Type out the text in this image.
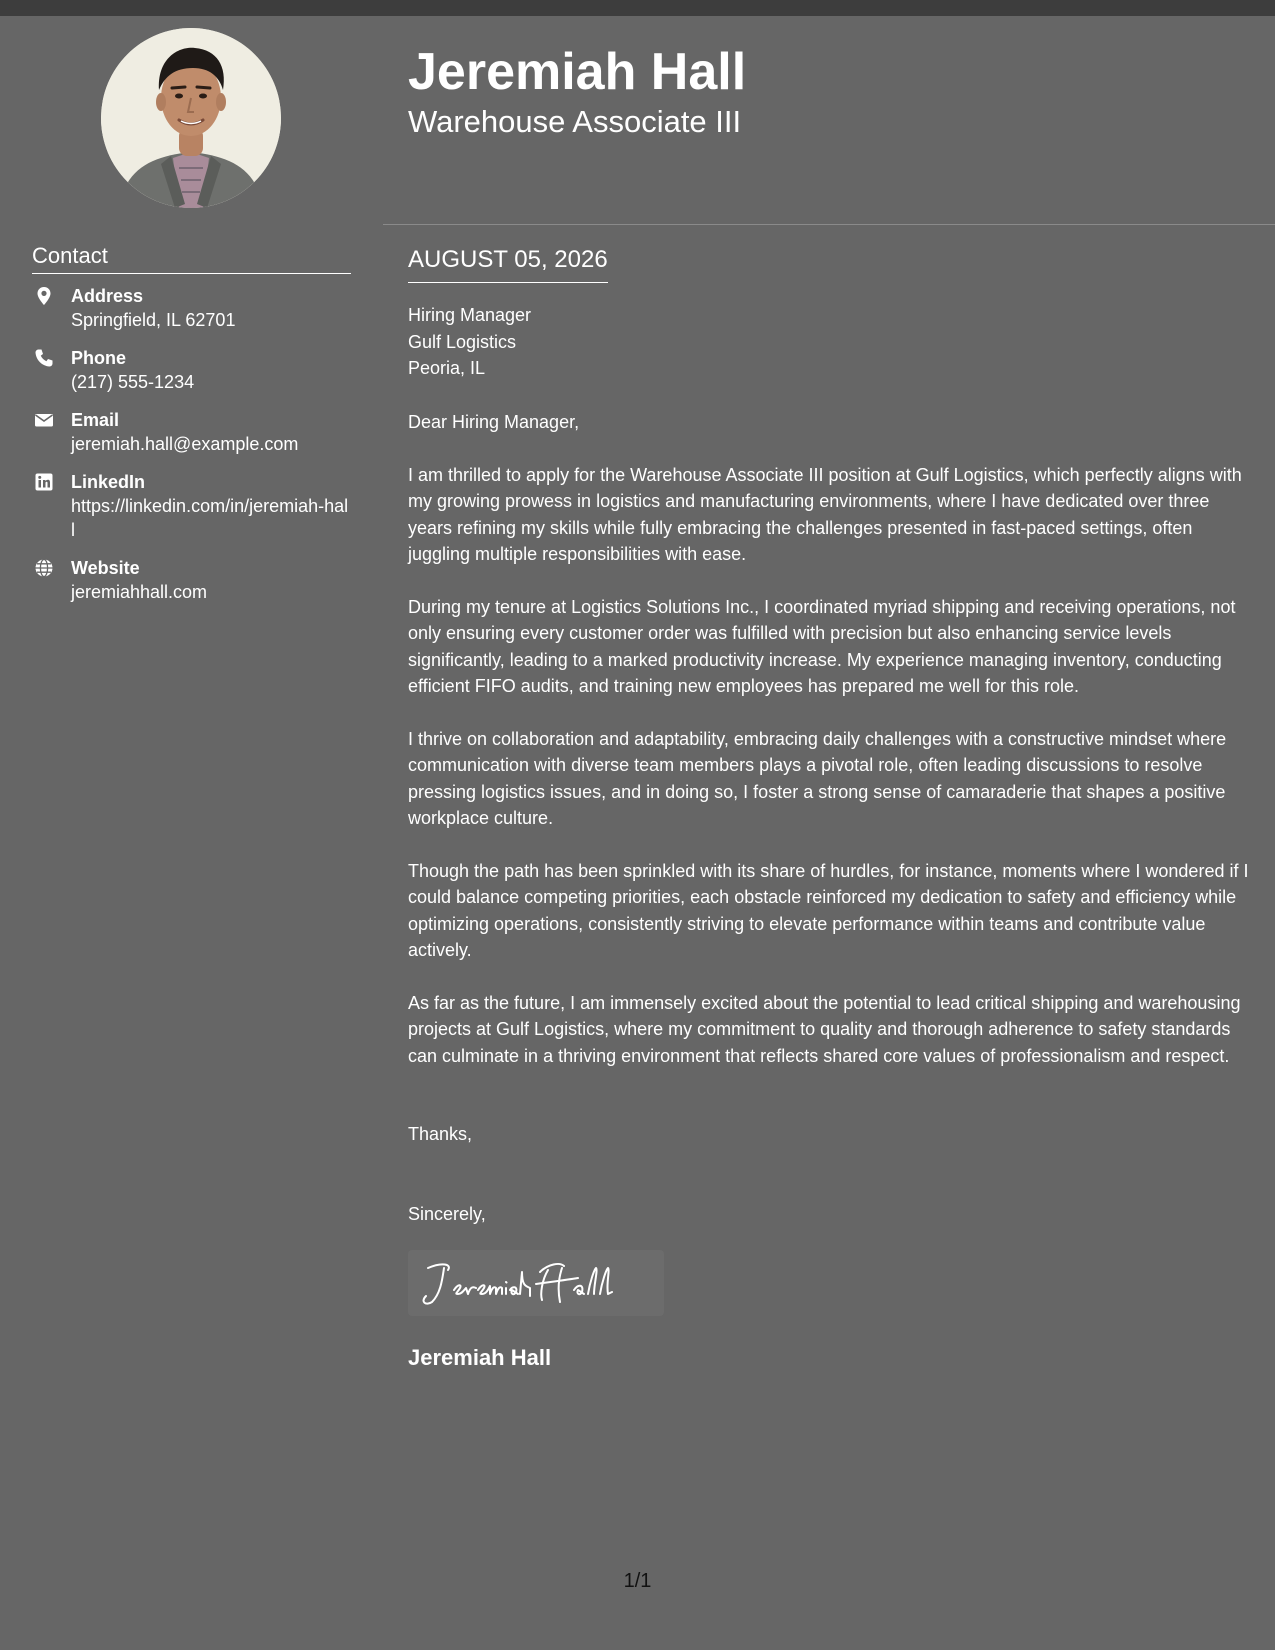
Contact
Address
Springfield, IL 62701
Phone
(217) 555-1234
Email
jeremiah.hall@example.com
LinkedIn
https://linkedin.com/in/jeremiah-hall
Website
jeremiahhall.com
Jeremiah Hall
Warehouse Associate III
AUGUST 05, 2026
Hiring Manager
Gulf Logistics
Peoria, IL

Dear Hiring Manager,

I am thrilled to apply for the Warehouse Associate III position at Gulf Logistics, which perfectly aligns with my growing prowess in logistics and manufacturing environments, where I have dedicated over three years refining my skills while fully embracing the challenges presented in fast-paced settings, often juggling multiple responsibilities with ease.

During my tenure at Logistics Solutions Inc., I coordinated myriad shipping and receiving operations, not only ensuring every customer order was fulfilled with precision but also enhancing service levels significantly, leading to a marked productivity increase. My experience managing inventory, conducting efficient FIFO audits, and training new employees has prepared me well for this role.

I thrive on collaboration and adaptability, embracing daily challenges with a constructive mindset where communication with diverse team members plays a pivotal role, often leading discussions to resolve pressing logistics issues, and in doing so, I foster a strong sense of camaraderie that shapes a positive workplace culture.

Though the path has been sprinkled with its share of hurdles, for instance, moments where I wondered if I could balance competing priorities, each obstacle reinforced my dedication to safety and efficiency while optimizing operations, consistently striving to elevate performance within teams and contribute value actively.

As far as the future, I am immensely excited about the potential to lead critical shipping and warehousing projects at Gulf Logistics, where my commitment to quality and thorough adherence to safety standards can culminate in a thriving environment that reflects shared core values of professionalism and respect.

Thanks,
Sincerely,
Jeremiah Hall
1/1
